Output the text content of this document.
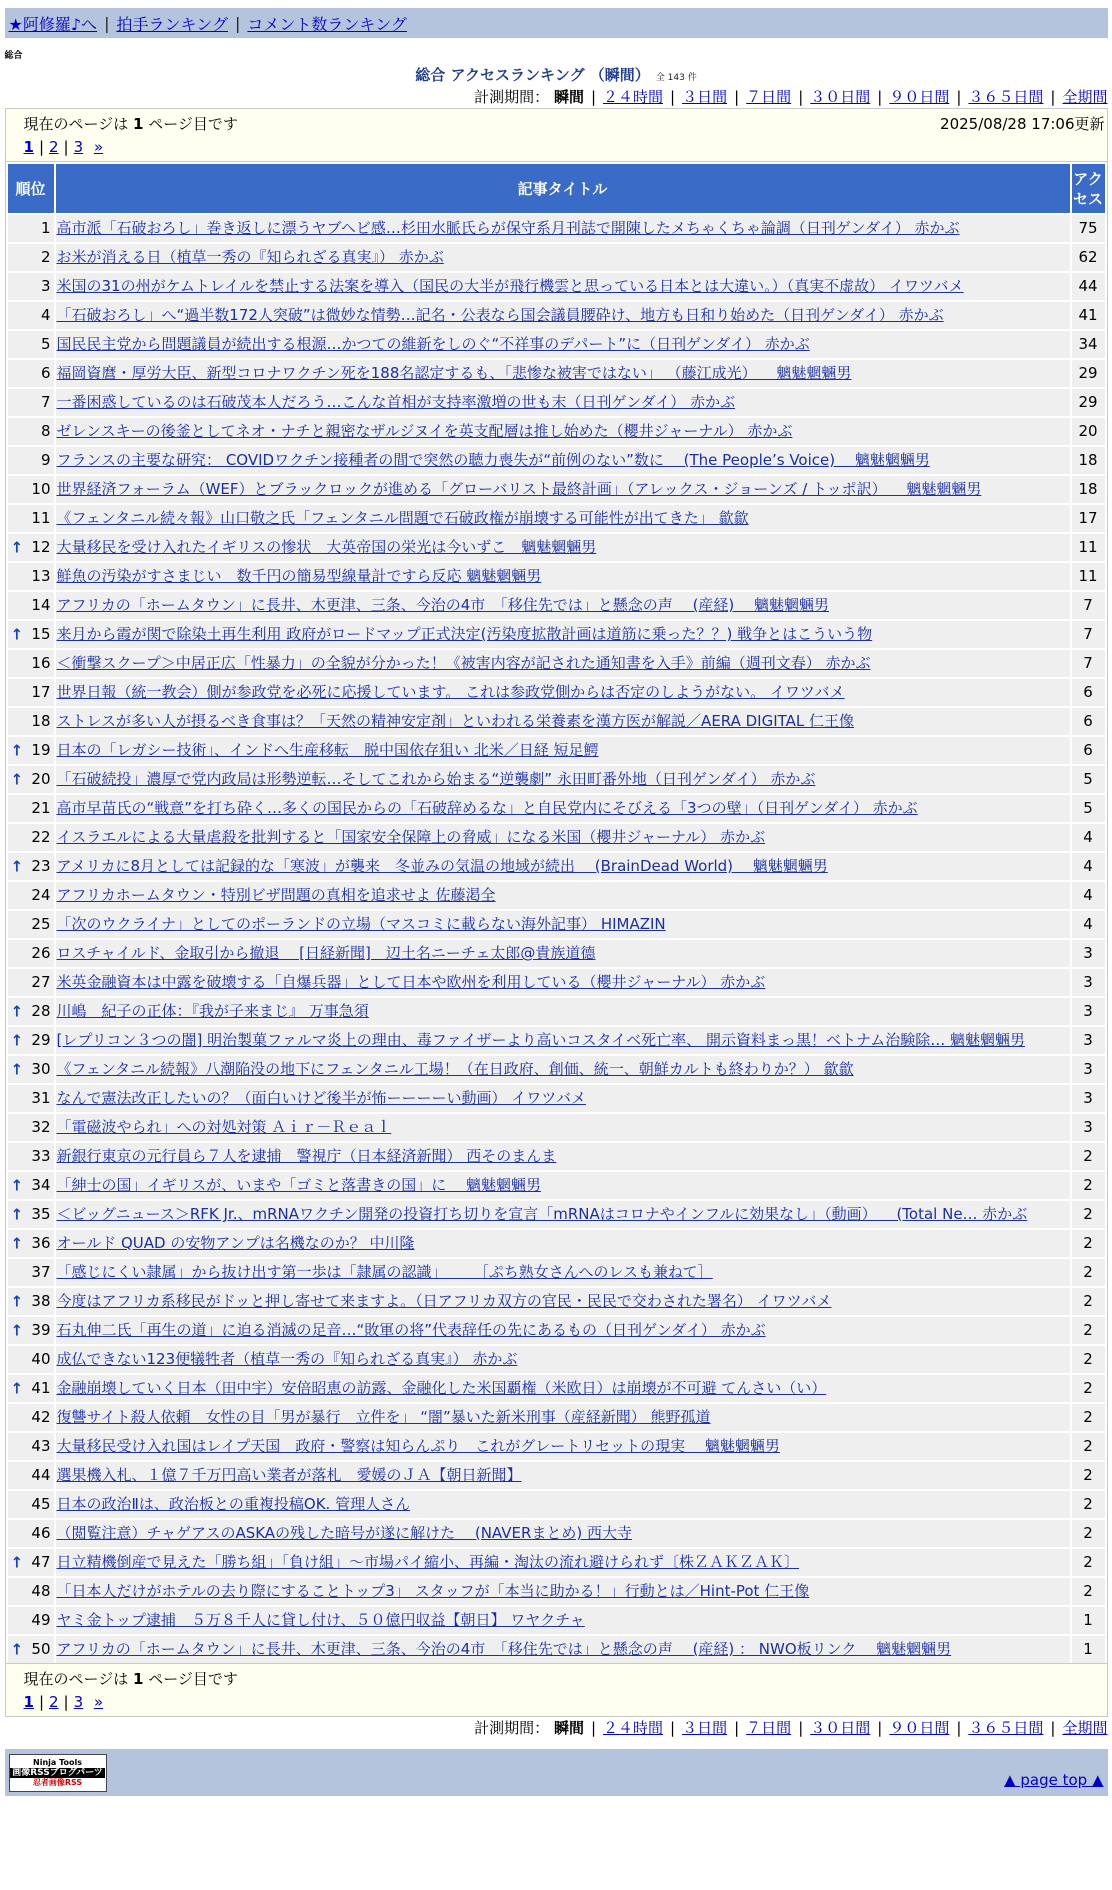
★阿修羅♪へ | 拍手ランキング | コメント数ランキング
総合
総合 アクセスランキング （瞬間） 全 143 件
計測期間： 瞬間 | ２４時間 | ３日間 | ７日間 | ３０日間 | ９０日間 | ３６５日間 | 全期間
現在のページは 1 ページ目です	2025/08/28 17:06更新
1 | 2 | 3 »
順位	記事タイトル	アクセス
1	高市派「石破おろし」巻き返しに漂うヤブヘビ感…杉田水脈氏らが保守系月刊誌で開陳したメちゃくちゃ論調（日刊ゲンダイ） 赤かぶ	75
2	お米が消える日（植草一秀の『知られざる真実』） 赤かぶ	62
3	米国の31の州がケムトレイルを禁止する法案を導入（国民の大半が飛行機雲と思っている日本とは大違い。）（真実不虚故） イワツバメ	44
4	「石破おろし」へ“過半数172人突破”は微妙な情勢…記名・公表なら国会議員腰砕け、地方も日和り始めた（日刊ゲンダイ） 赤かぶ	41
5	国民民主党から問題議員が続出する根源…かつての維新をしのぐ“不祥事のデパート”に（日刊ゲンダイ） 赤かぶ	34
6	福岡資麿・厚労大臣、新型コロナワクチン死を188名認定するも、「悲惨な被害ではない」 （藤江成光） 　魑魅魍魎男	29
7	一番困惑しているのは石破茂本人だろう…こんな首相が支持率激増の世も末（日刊ゲンダイ） 赤かぶ	29
8	ゼレンスキーの後釜としてネオ・ナチと親密なザルジヌイを英支配層は推し始めた（櫻井ジャーナル） 赤かぶ	20
9	フランスの主要な研究： COVIDワクチン接種者の間で突然の聴力喪失が“前例のない”数に 　(The People’s Voice) 　魑魅魍魎男	18
10	世界経済フォーラム（WEF）とブラックロックが進める「グローバリスト最終計画」（アレックス・ジョーンズ / トッポ訳） 　魑魅魍魎男	18
11	《フェンタニル続々報》山口敬之氏「フェンタニル問題で石破政権が崩壊する可能性が出てきた」 歙歙	17

↑ 12	大量移民を受け入れたイギリスの惨状　大英帝国の栄光は今いずこ　魑魅魍魎男	11
13	鮮魚の汚染がすさまじい　数千円の簡易型線量計ですら反応 魑魅魍魎男	11
14	アフリカの「ホームタウン」に長井、木更津、三条、今治の4市　「移住先では」と懸念の声 　(産経) 　魑魅魍魎男	7

↑ 15	来月から霞が関で除染土再生利用 政府がロードマップ正式決定(汚染度拡散計画は道筋に乗った？？) 戦争とはこういう物	7
16	＜衝撃スクープ＞中居正広「性暴力」の全貌が分かった！《被害内容が記された通知書を入手》前編（週刊文春） 赤かぶ	7
17	世界日報（統一教会）側が参政党を必死に応援しています。 これは参政党側からは否定のしようがない。 イワツバメ	6
18	ストレスが多い人が摂るべき食事は？「天然の精神安定剤」といわれる栄養素を漢方医が解説／AERA DIGITAL 仁王像	6

↑ 19	日本の「レガシー技術」、インドへ生産移転　脱中国依存狙い 北米／日経 短足鰐	6

↑ 20	「石破続投」濃厚で党内政局は形勢逆転…そしてこれから始まる“逆襲劇” 永田町番外地（日刊ゲンダイ） 赤かぶ	5
21	高市早苗氏の“戦意”を打ち砕く…多くの国民からの「石破辞めるな」と自民党内にそびえる「3つの壁」（日刊ゲンダイ） 赤かぶ	5
22	イスラエルによる大量虐殺を批判すると「国家安全保障上の脅威」になる米国（櫻井ジャーナル） 赤かぶ	4

↑ 23	アメリカに8月としては記録的な「寒波」が襲来　冬並みの気温の地域が続出 　(BrainDead World) 　魑魅魍魎男	4
24	アフリカホームタウン・特別ビザ問題の真相を追求せよ 佐藤渇全	4
25	「次のウクライナ」としてのポーランドの立場（マスコミに載らない海外記事） HIMAZIN	4
26	ロスチャイルド、金取引から撤退 　[日経新聞]　辺土名ニーチェ太郎@貴族道德	3
27	米英金融資本は中露を破壊する「自爆兵器」として日本や欧州を利用している（櫻井ジャーナル） 赤かぶ	3

↑ 28	川嶋　紀子の正体：『我が子来まじ』 万事急須	3

↑ 29	[レプリコン３つの闇] 明治製菓ファルマ炎上の理由、毒ファイザーより高いコスタイベ死亡率、 開示資料まっ黒！ベトナム治験除… 魑魅魍魎男	3

↑ 30	《フェンタニル続報》八潮陥没の地下にフェンタニル工場！（在日政府、創価、統一、朝鮮カルトも終わりか？） 歙歙	3
31	なんで憲法改正したいの？（面白いけど後半が怖ーーーーい動画） イワツバメ	3
32	「電磁波やられ」への対処対策 Ａｉｒ－Ｒｅａｌ	3
33	新銀行東京の元行員ら７人を逮捕　警視庁（日本経済新聞） 西そのまんま	2

↑ 34	「紳士の国」イギリスが、いまや「ゴミと落書きの国」に 　魑魅魍魎男	2

↑ 35	＜ビッグニュース＞RFK Jr.、mRNAワクチン開発の投資打ち切りを宣言「mRNAはコロナやインフルに効果なし」（動画） 　(Total Ne… 赤かぶ	2

↑ 36	オールド QUAD の安物アンプは名機なのか？ 中川隆	2
37	「感じにくい隷属」から抜け出す第一歩は「隷属の認識」 　　［ぷち熟女さんへのレスも兼ねて］	2

↑ 38	今度はアフリカ系移民がドッと押し寄せて来ますよ。（日アフリカ双方の官民・民民で交わされた署名） イワツバメ	2

↑ 39	石丸伸二氏「再生の道」に迫る消滅の足音…“敗軍の将”代表辞任の先にあるもの（日刊ゲンダイ） 赤かぶ	2
40	成仏できない123便犠牲者（植草一秀の『知られざる真実』） 赤かぶ	2

↑ 41	金融崩壊していく日本（田中宇）安倍昭恵の訪露、金融化した米国覇権（米欧日）は崩壊が不可避 てんさい（い）	2
42	復讐サイト殺人依頼　女性の目「男が暴行　立件を」 “闇”暴いた新米刑事（産経新聞） 熊野孤道	2
43	大量移民受け入れ国はレイプ天国　政府・警察は知らんぷり　これがグレートリセットの現実 　魑魅魍魎男	2
44	選果機入札、１億７千万円高い業者が落札　愛媛のＪＡ【朝日新聞】	2
45	日本の政治Ⅱは、政治板との重複投稿OK. 管理人さん	2
46	（閲覧注意）チャゲアスのASKAの残した暗号が遂に解けた 　(NAVERまとめ) 西大寺	2

↑ 47	日立精機倒産で見えた「勝ち組」「負け組」～市場パイ縮小、再編・淘汰の流れ避けられず〔株ＺＡＫＺＡＫ〕	2
48	「日本人だけがホテルの去り際にすることトップ3」 スタッフが「本当に助かる！」行動とは／Hint-Pot 仁王像	2
49	ヤミ金トップ逮捕　５万８千人に貸し付け、５０億円収益【朝日】 ワヤクチャ	1

↑ 50	アフリカの「ホームタウン」に長井、木更津、三条、今治の4市　「移住先では」と懸念の声 　(産経) ： NWO板リンク 　魑魅魍魎男	1
現在のページは 1 ページ目です
1 | 2 | 3 »
計測期間： 瞬間 | ２４時間 | ３日間 | ７日間 | ３０日間 | ９０日間 | ３６５日間 | 全期間
Ninja Tools
画像RSSブログパーツ
忍者画像RSS	▲ page top ▲
